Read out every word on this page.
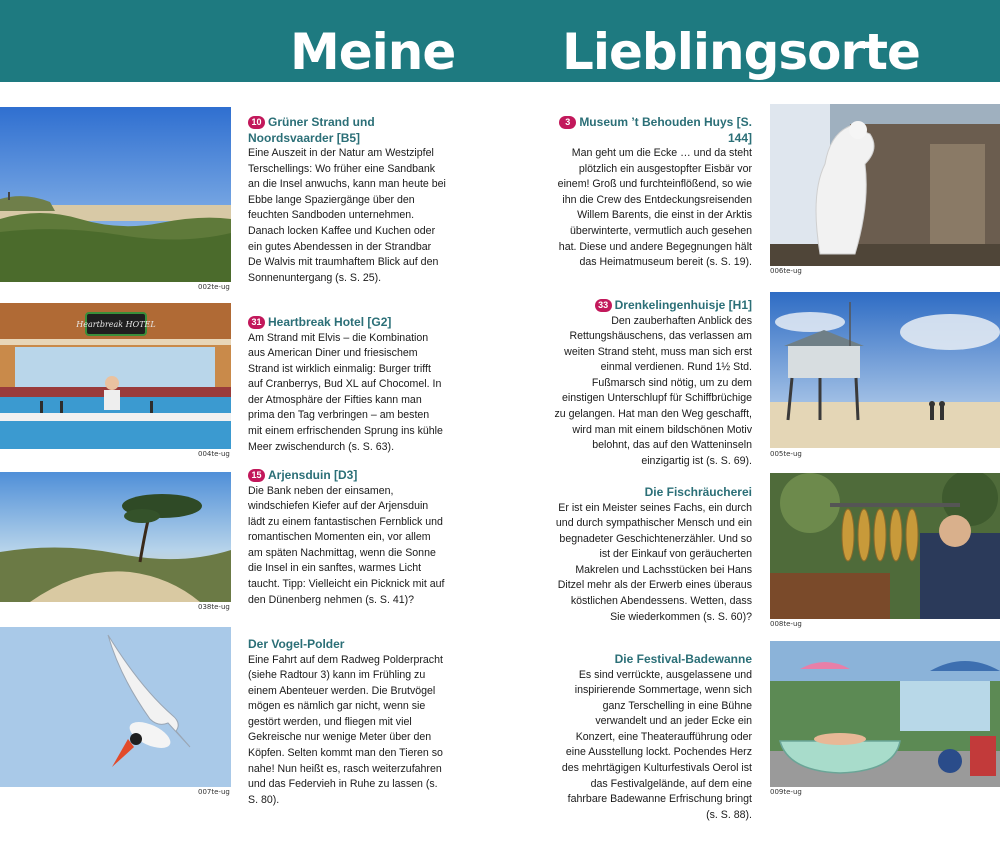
Meine Lieblingsorte
002te-ug
10 Grüner Strand und Noordsvaarder [B5]
Eine Auszeit in der Natur am Westzipfel Terschellings: Wo früher eine Sandbank an die Insel anwuchs, kann man heute bei Ebbe lange Spaziergänge über den feuchten Sandboden unternehmen. Danach locken Kaffee und Kuchen oder ein gutes Abendessen in der Strandbar De Walvis mit traumhaftem Blick auf den Sonnenuntergang (s. S. 25).
Heartbreak HOTEL
004te-ug
31 Heartbreak Hotel [G2]
Am Strand mit Elvis – die Kombination aus American Diner und friesischem Strand ist wirklich einmalig: Burger trifft auf Cranberrys, Bud XL auf Chocomel. In der Atmosphäre der Fifties kann man prima den Tag verbringen – am besten mit einem erfrischenden Sprung ins kühle Meer zwischendurch (s. S. 63).
038te-ug
15 Arjensduin [D3]
Die Bank neben der einsamen, windschiefen Kiefer auf der Arjensduin lädt zu einem fantastischen Fernblick und romantischen Momenten ein, vor allem am späten Nachmittag, wenn die Sonne die Insel in ein sanftes, warmes Licht taucht. Tipp: Vielleicht ein Picknick mit auf den Dünenberg nehmen (s. S. 41)?
007te-ug
Der Vogel-Polder
Eine Fahrt auf dem Radweg Polderpracht (siehe Radtour 3) kann im Frühling zu einem Abenteuer werden. Die Brutvögel mögen es nämlich gar nicht, wenn sie gestört werden, und fliegen mit viel Gekreische nur wenige Meter über den Köpfen. Selten kommt man den Tieren so nahe! Nun heißt es, rasch weiterzufahren und das Federvieh in Ruhe zu lassen (s. S. 80).
006te-ug
3 Museum ’t Behouden Huys [S. 144]
Man geht um die Ecke … und da steht plötzlich ein ausgestopfter Eisbär vor einem! Groß und furchteinflößend, so wie ihn die Crew des Entdeckungsreisenden Willem Barents, die einst in der Arktis überwinterte, vermutlich auch gesehen hat. Diese und andere Begegnungen hält das Heimatmuseum bereit (s. S. 19).
005te-ug
33 Drenkelingenhuisje [H1]
Den zauberhaften Anblick des Rettungshäuschens, das verlassen am weiten Strand steht, muss man sich erst einmal verdienen. Rund 1½ Std. Fußmarsch sind nötig, um zu dem einstigen Unterschlupf für Schiffbrüchige zu gelangen. Hat man den Weg geschafft, wird man mit einem bildschönen Motiv belohnt, das auf den Watteninseln einzigartig ist (s. S. 69).
008te-ug
Die Fischräucherei
Er ist ein Meister seines Fachs, ein durch und durch sympathischer Mensch und ein begnadeter Geschichtenerzähler. Und so ist der Einkauf von geräucherten Makrelen und Lachsstücken bei Hans Ditzel mehr als der Erwerb eines überaus köstlichen Abendessens. Wetten, dass Sie wiederkommen (s. S. 60)?
009te-ug
Die Festival-Badewanne
Es sind verrückte, ausgelassene und inspirierende Sommertage, wenn sich ganz Terschelling in eine Bühne verwandelt und an jeder Ecke ein Konzert, eine Theateraufführung oder eine Ausstellung lockt. Pochendes Herz des mehrtägigen Kulturfestivals Oerol ist das Festivalgelände, auf dem eine fahrbare Badewanne Erfrischung bringt (s. S. 88).
